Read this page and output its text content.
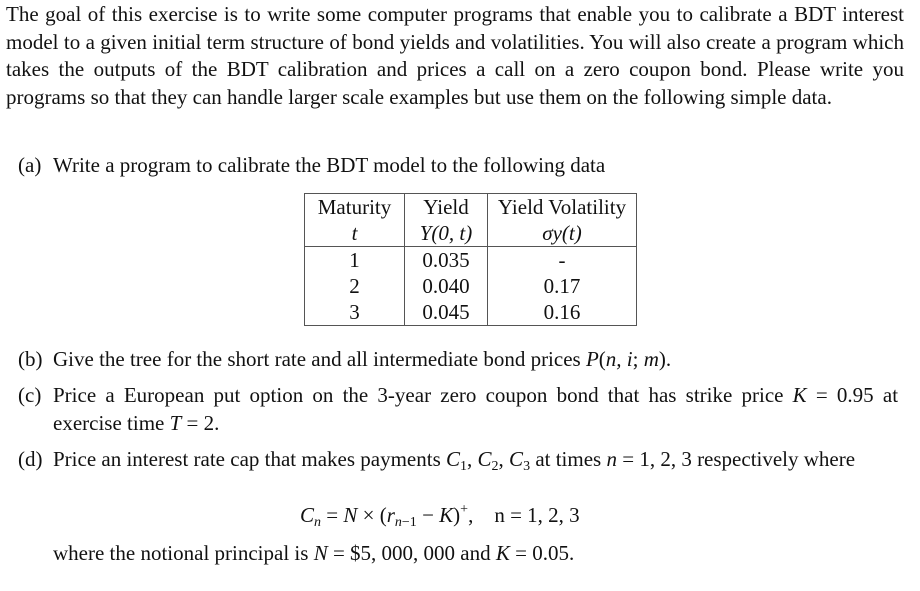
The goal of this exercise is to write some computer programs that enable you to calibrate a BDT interest model to a given initial term structure of bond yields and volatilities. You will also create a program which takes the outputs of the BDT calibration and prices a call on a zero coupon bond. Please write you programs so that they can handle larger scale examples but use them on the following simple data.
(a) Write a program to calibrate the BDT model to the following data
Maturity	Yield	Yield Volatility
t	Y(0, t)	σy(t)
1	0.035	-
2	0.040	0.17
3	0.045	0.16
(b) Give the tree for the short rate and all intermediate bond prices P(n, i; m).
(c) Price a European put option on the 3-year zero coupon bond that has strike price K = 0.95 at exercise time T = 2.
(d) Price an interest rate cap that makes payments $C_1$, $C_2$, $C_3$ at times n = 1, 2, 3 respectively where
$C_n = N \times (r_{n-1} - K)^+$,    n = 1, 2, 3
where the notional principal is N = $5, 000, 000 and K = 0.05.
